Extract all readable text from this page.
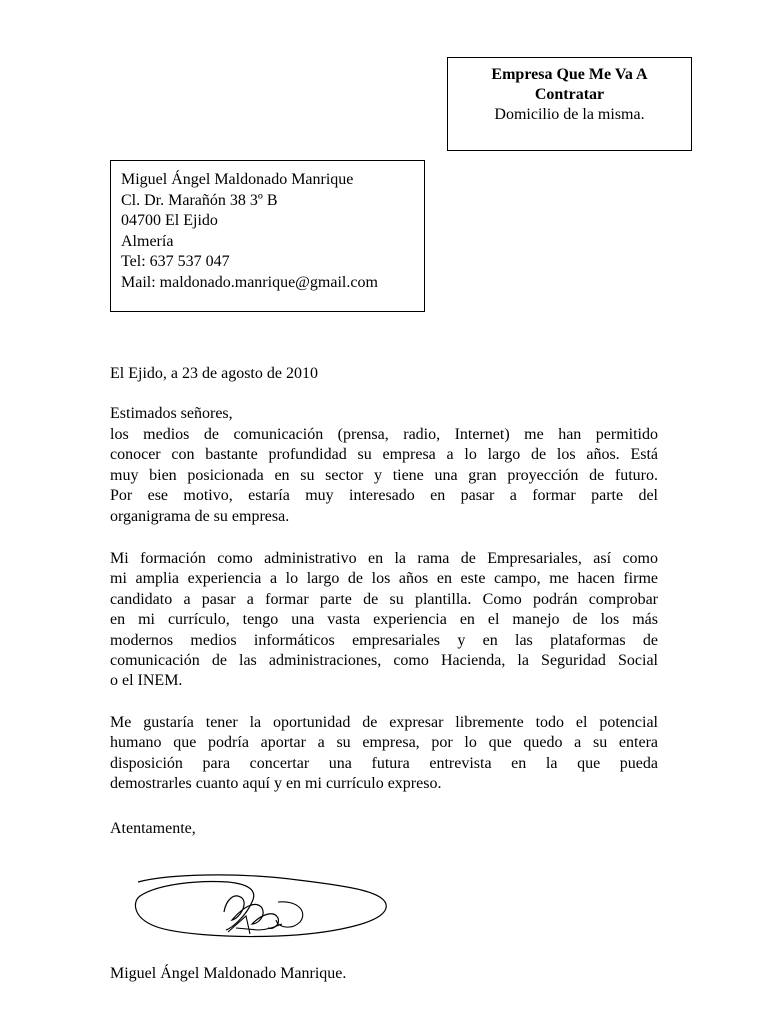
Empresa Que Me Va A
Contratar
Domicilio de la misma.
Miguel Ángel Maldonado Manrique
Cl. Dr. Marañón 38 3º B
04700 El Ejido
Almería
Tel: 637 537 047
Mail: maldonado.manrique@gmail.com
El Ejido, a 23 de agosto de 2010
Estimados señores,
los medios de comunicación (prensa, radio, Internet) me han permitido
conocer con bastante profundidad su empresa a lo largo de los años. Está
muy bien posicionada en su sector y tiene una gran proyección de futuro.
Por ese motivo, estaría muy interesado en pasar a formar parte del
organigrama de su empresa.
Mi formación como administrativo en la rama de Empresariales, así como
mi amplia experiencia a lo largo de los años en este campo, me hacen firme
candidato a pasar a formar parte de su plantilla. Como podrán comprobar
en mi currículo, tengo una vasta experiencia en el manejo de los más
modernos medios informáticos empresariales y en las plataformas de
comunicación de las administraciones, como Hacienda, la Seguridad Social
o el INEM.
Me gustaría tener la oportunidad de expresar libremente todo el potencial
humano que podría aportar a su empresa, por lo que quedo a su entera
disposición para concertar una futura entrevista en la que pueda
demostrarles cuanto aquí y en mi currículo expreso.
Atentamente,
Miguel Ángel Maldonado Manrique.
